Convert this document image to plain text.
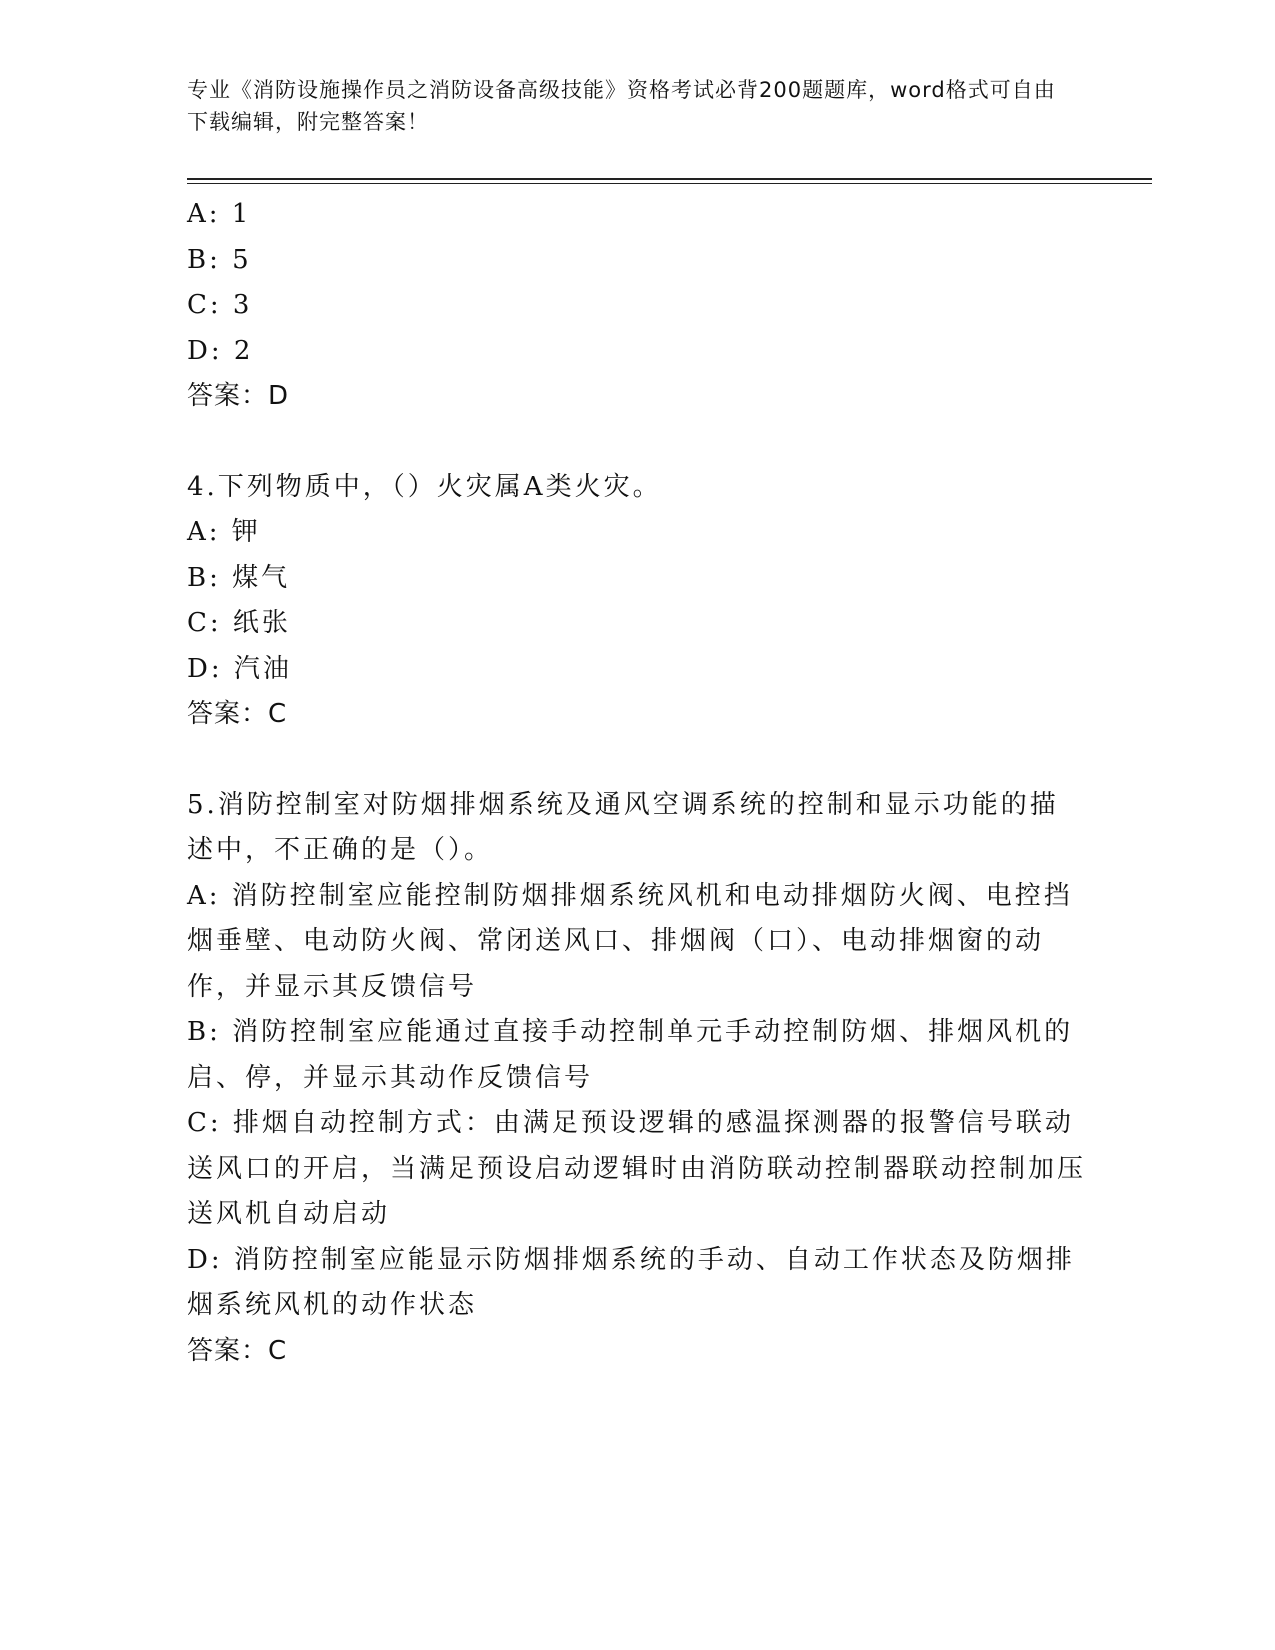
专业《消防设施操作员之消防设备高级技能》资格考试必背200题题库，word格式可自由下载编辑，附完整答案！
A: 1
B: 5
C: 3
D: 2
答案：D
4.下列物质中，（）火灾属A类火灾。
A: 钾
B: 煤气
C: 纸张
D: 汽油
答案：C
5.消防控制室对防烟排烟系统及通风空调系统的控制和显示功能的描述中，不正确的是（）。
A: 消防控制室应能控制防烟排烟系统风机和电动排烟防火阀、电控挡烟垂壁、电动防火阀、常闭送风口、排烟阀（口）、电动排烟窗的动作，并显示其反馈信号
B: 消防控制室应能通过直接手动控制单元手动控制防烟、排烟风机的启、停，并显示其动作反馈信号
C: 排烟自动控制方式：由满足预设逻辑的感温探测器的报警信号联动送风口的开启，当满足预设启动逻辑时由消防联动控制器联动控制加压送风机自动启动
D: 消防控制室应能显示防烟排烟系统的手动、自动工作状态及防烟排烟系统风机的动作状态
答案：C
